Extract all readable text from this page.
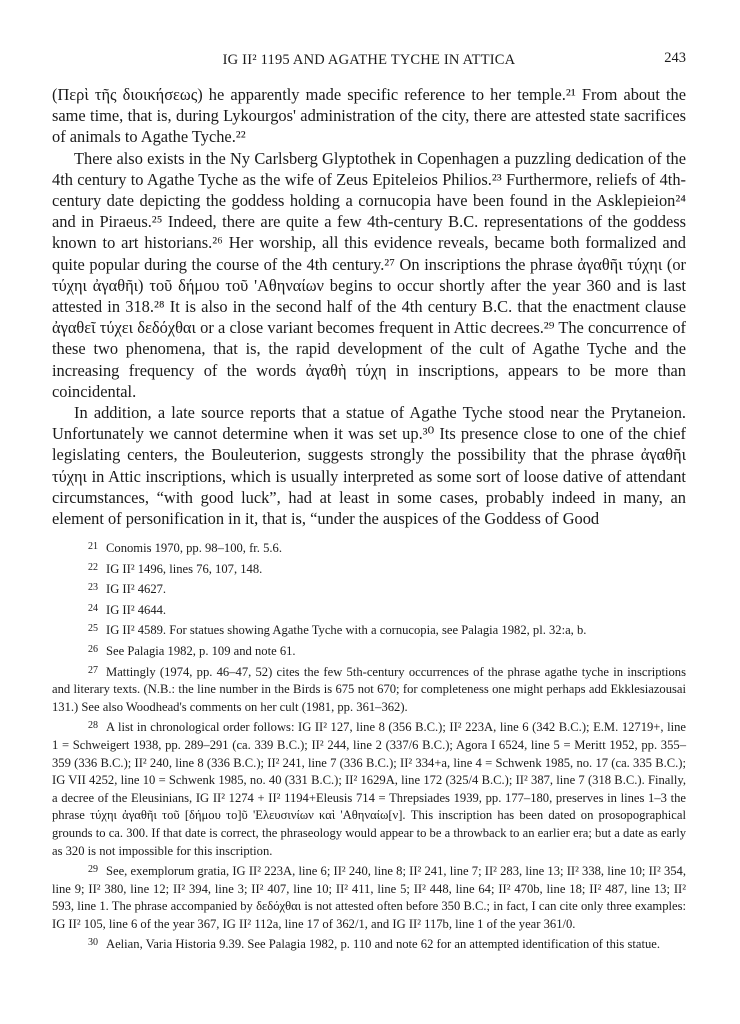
IG II² 1195 AND AGATHE TYCHE IN ATTICA	243

(Περὶ τῆς διοικήσεως) he apparently made specific reference to her temple.²¹ From about the same time, that is, during Lykourgos' administration of the city, there are attested state sacrifices of animals to Agathe Tyche.²²

There also exists in the Ny Carlsberg Glyptothek in Copenhagen a puzzling dedication of the 4th century to Agathe Tyche as the wife of Zeus Epiteleios Philios.²³ Furthermore, reliefs of 4th-century date depicting the goddess holding a cornucopia have been found in the Asklepieion²⁴ and in Piraeus.²⁵ Indeed, there are quite a few 4th-century B.C. representations of the goddess known to art historians.²⁶ Her worship, all this evidence reveals, became both formalized and quite popular during the course of the 4th century.²⁷ On inscriptions the phrase ἀγαθῆι τύχηι (or τύχηι ἀγαθῆι) τοῦ δήμου τοῦ 'Αθηναίων begins to occur shortly after the year 360 and is last attested in 318.²⁸ It is also in the second half of the 4th century B.C. that the enactment clause ἀγαθεῖ τύχει δεδόχθαι or a close variant becomes frequent in Attic decrees.²⁹ The concurrence of these two phenomena, that is, the rapid development of the cult of Agathe Tyche and the increasing frequency of the words ἀγαθὴ τύχη in inscriptions, appears to be more than coincidental.

In addition, a late source reports that a statue of Agathe Tyche stood near the Prytaneion. Unfortunately we cannot determine when it was set up.³⁰ Its presence close to one of the chief legislating centers, the Bouleuterion, suggests strongly the possibility that the phrase ἀγαθῆι τύχηι in Attic inscriptions, which is usually interpreted as some sort of loose dative of attendant circumstances, “with good luck”, had at least in some cases, probably indeed in many, an element of personification in it, that is, “under the auspices of the Goddess of Good

21 Conomis 1970, pp. 98–100, fr. 5.6.

22 IG II² 1496, lines 76, 107, 148.

23 IG II² 4627.

24 IG II² 4644.

25 IG II² 4589. For statues showing Agathe Tyche with a cornucopia, see Palagia 1982, pl. 32:a, b.

26 See Palagia 1982, p. 109 and note 61.

27 Mattingly (1974, pp. 46–47, 52) cites the few 5th-century occurrences of the phrase agathe tyche in inscriptions and literary texts. (N.B.: the line number in the Birds is 675 not 670; for completeness one might perhaps add Ekklesiazousai 131.) See also Woodhead's comments on her cult (1981, pp. 361–362).

28 A list in chronological order follows: IG II² 127, line 8 (356 B.C.); II² 223A, line 6 (342 B.C.); E.M. 12719+, line 1 = Schweigert 1938, pp. 289–291 (ca. 339 B.C.); II² 244, line 2 (337/6 B.C.); Agora I 6524, line 5 = Meritt 1952, pp. 355–359 (336 B.C.); II² 240, line 8 (336 B.C.); II² 241, line 7 (336 B.C.); II² 334+a, line 4 = Schwenk 1985, no. 17 (ca. 335 B.C.); IG VII 4252, line 10 = Schwenk 1985, no. 40 (331 B.C.); II² 1629A, line 172 (325/4 B.C.); II² 387, line 7 (318 B.C.). Finally, a decree of the Eleusinians, IG II² 1274 + II² 1194+Eleusis 714 = Threpsiades 1939, pp. 177–180, preserves in lines 1–3 the phrase τύχηι ἀγαθῆι τοῦ [δήμου το]ῦ 'Ελευσινίων καὶ 'Αθηναίω[ν]. This inscription has been dated on prosopographical grounds to ca. 300. If that date is correct, the phraseology would appear to be a throwback to an earlier era; but a date as early as 320 is not impossible for this inscription.

29 See, exemplorum gratia, IG II² 223A, line 6; II² 240, line 8; II² 241, line 7; II² 283, line 13; II² 338, line 10; II² 354, line 9; II² 380, line 12; II² 394, line 3; II² 407, line 10; II² 411, line 5; II² 448, line 64; II² 470b, line 18; II² 487, line 13; II² 593, line 1. The phrase accompanied by δεδόχθαι is not attested often before 350 B.C.; in fact, I can cite only three examples: IG II² 105, line 6 of the year 367, IG II² 112a, line 17 of 362/1, and IG II² 117b, line 1 of the year 361/0.

30 Aelian, Varia Historia 9.39. See Palagia 1982, p. 110 and note 62 for an attempted identification of this statue.
